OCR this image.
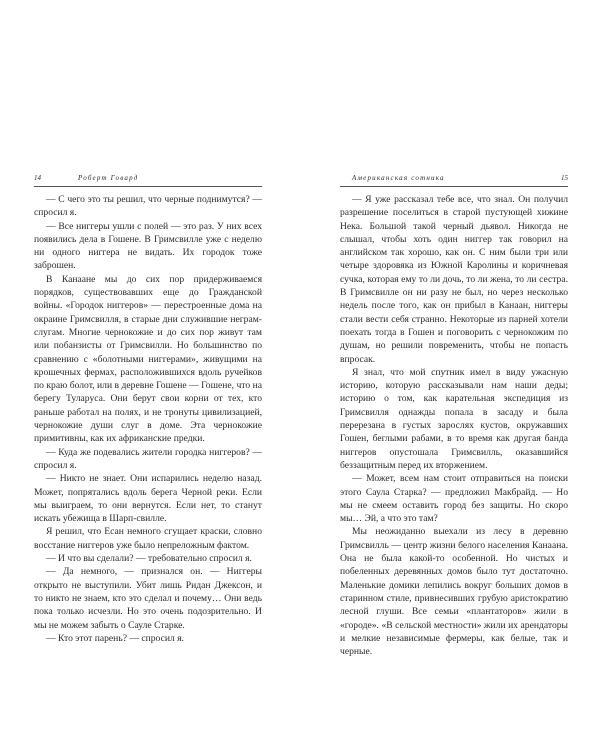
14	Роберт Говард

— С чего это ты решил, что черные поднимутся? — спросил я.

— Все ниггеры ушли с полей — это раз. У них всех появились дела в Гошене. В Гримсвилле уже с неделю ни одного ниггера не видать. Их городок тоже заброшен.

В Канаане мы до сих пор придерживаемся порядков, существовавших еще до Гражданской войны. «Городок ниггеров» — перестроенные дома на окраине Гримсвилля, в старые дни служившие неграм-слугам. Многие чернокожие и до сих пор живут там или побанзисты от Гримсвилли. Но большинство по сравнению с «болотными ниггерами», живущими на крошечных фермах, расположившихся вдоль ручейков по краю болот, или в деревне Гошене — Гошене, что на берегу Туларуса. Они берут свои корни от тех, кто раньше работал на полях, и не тронуты цивилизацией, чернокожие души слуг в доме. Эта чернокожие примитивны, как их африканские предки.

— Куда же подевались жители городка ниггеров? — спросил я.

— Никто не знает. Они испарились неделю назад. Может, попрятались вдоль берега Черной реки. Если мы выиграем, то они вернутся. Если нет, то станут искать убежища в Шарп-свилле.

Я решил, что Есан немного сгущает краски, словно восстание ниггеров уже было непреложным фактом.

— И что вы сделали? — требовательно спросил я.

— Да немного, — признался он. — Ниггеры открыто не выступили. Убит лишь Ридан Джексон, и то никто не знаем, кто это сделал и почему… Они ведь пока только исчезли. Но это очень подозрительно. И мы не можем забыть о Сауле Старке.

— Кто этот парень? — спросил я.

Американская сотника	15

— Я уже рассказал тебе все, что знал. Он получил разрешение поселиться в старой пустующей хижине Нека. Большой такой черный дьявол. Никогда не слышал, чтобы хоть один ниггер так говорил на английском так хорошо, как он. С ним были три или четыре здоровяка из Южной Каролины и коричневая сучка, которая ему то ли дочь, то ли жена, то ли сестра. В Гримсвилле он ни разу не был, но через несколько недель после того, как он прибыл в Канаан, ниггеры стали вести себя странно. Некоторые из парней хотели поехать тогда в Гошен и поговорить с чернокожим по душам, но решили повременить, чтобы не попасть впросак.

Я знал, что мой спутник имел в виду ужасную историю, которую рассказывали нам наши деды; историю о том, как карательная экспедиция из Гримсвилля однажды попала в засаду и была перерезана в густых зарослях кустов, окружавших Гошен, беглыми рабами, в то время как другая банда ниггеров опустошала Гримсвилль, оказавшийся беззащитным перед их вторжением.

— Может, всем нам стоит отправиться на поиски этого Саула Старка? — предложил Макбрайд. — Но мы не смеем оставить город без защиты. Но скоро мы… Эй, а что это там?

Мы неожиданно выехали из лесу в деревню Гримсвилль — центр жизни белого населения Канаана. Она не была какой-то особенной. Но чистых и побеленных деревянных домов было тут достаточно. Маленькие домики лепились вокруг больших домов в старинном стиле, привнесивших грубую аристократию лесной глуши. Все семьи «плантаторов» жили в «городе». «В сельской местности» жили их арендаторы и мелкие независимые фермеры, как белые, так и черные.
